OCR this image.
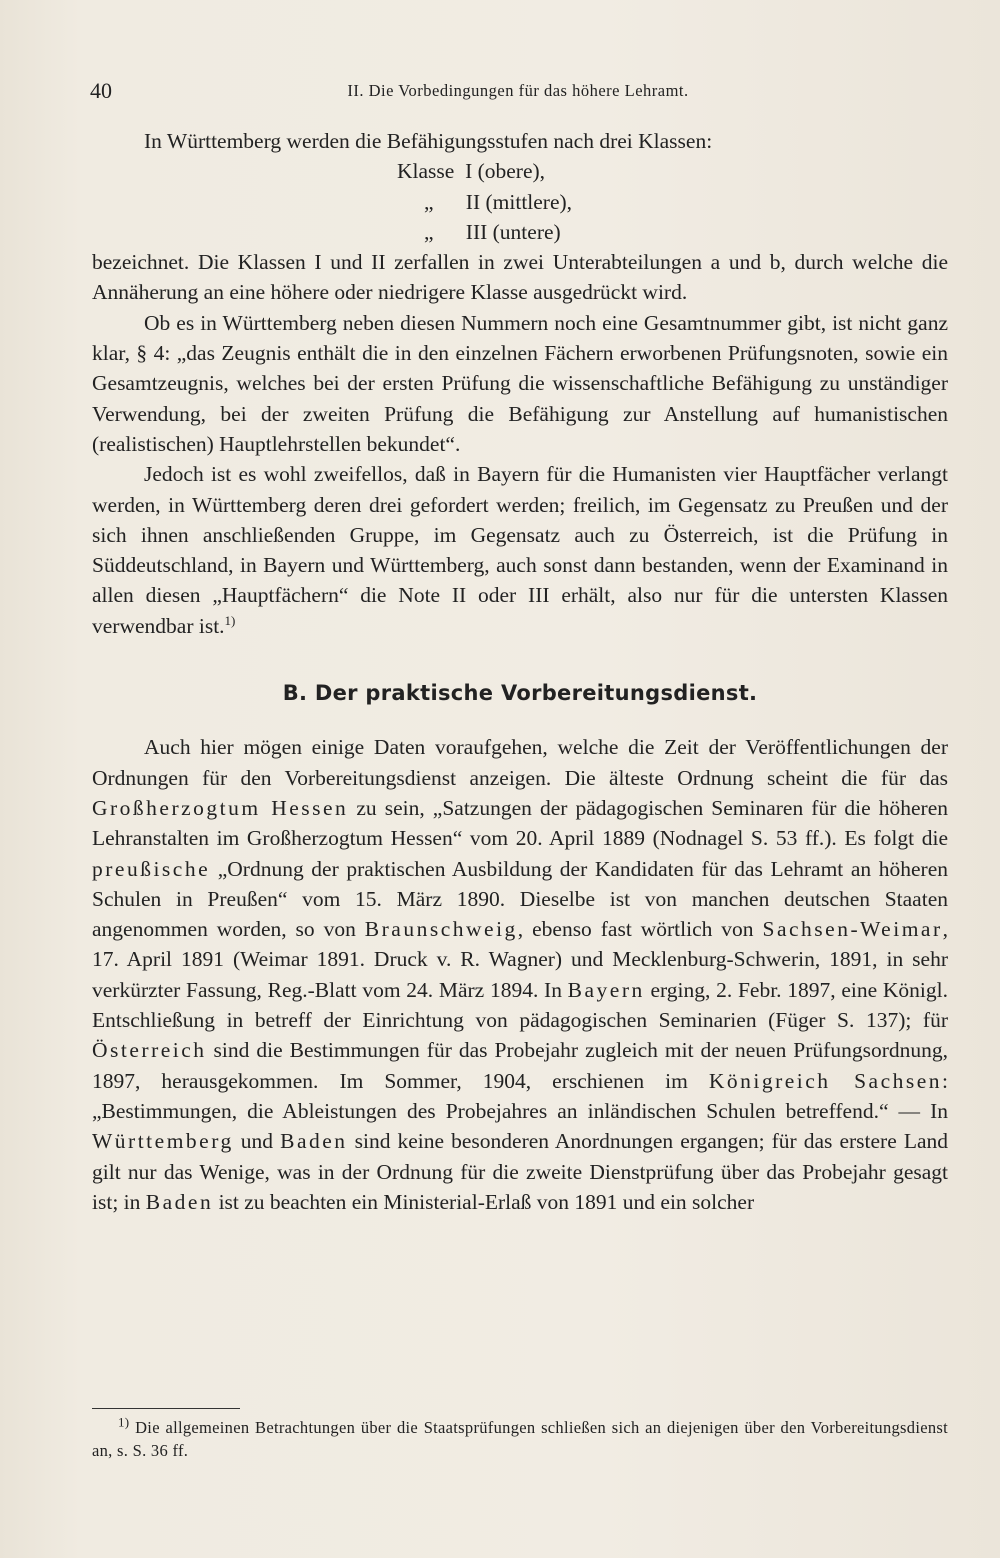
40	II. Die Vorbedingungen für das höhere Lehramt.

In Württemberg werden die Befähigungsstufen nach drei Klassen:

Klasse  I (obere),
„      II (mittlere),
„      III (untere)

bezeichnet. Die Klassen I und II zerfallen in zwei Unterabteilungen a und b, durch welche die Annäherung an eine höhere oder niedrigere Klasse ausgedrückt wird.

Ob es in Württemberg neben diesen Nummern noch eine Gesamtnummer gibt, ist nicht ganz klar, § 4: „das Zeugnis enthält die in den einzelnen Fächern erworbenen Prüfungsnoten, sowie ein Gesamtzeugnis, welches bei der ersten Prüfung die wissenschaftliche Befähigung zu unständiger Verwendung, bei der zweiten Prüfung die Befähigung zur Anstellung auf humanistischen (realistischen) Hauptlehrstellen bekundet“.

Jedoch ist es wohl zweifellos, daß in Bayern für die Humanisten vier Hauptfächer verlangt werden, in Württemberg deren drei gefordert werden; freilich, im Gegensatz zu Preußen und der sich ihnen anschließenden Gruppe, im Gegensatz auch zu Österreich, ist die Prüfung in Süddeutschland, in Bayern und Württemberg, auch sonst dann bestanden, wenn der Examinand in allen diesen „Hauptfächern“ die Note II oder III erhält, also nur für die untersten Klassen verwendbar ist.$^{1)}$

B. Der praktische Vorbereitungsdienst.

Auch hier mögen einige Daten voraufgehen, welche die Zeit der Veröffentlichungen der Ordnungen für den Vorbereitungsdienst anzeigen. Die älteste Ordnung scheint die für das Großherzogtum Hessen zu sein, „Satzungen der pädagogischen Seminaren für die höheren Lehranstalten im Großherzogtum Hessen“ vom 20. April 1889 (Nodnagel S. 53 ff.). Es folgt die preußische „Ordnung der praktischen Ausbildung der Kandidaten für das Lehramt an höheren Schulen in Preußen“ vom 15. März 1890. Dieselbe ist von manchen deutschen Staaten angenommen worden, so von Braunschweig, ebenso fast wörtlich von Sachsen-Weimar, 17. April 1891 (Weimar 1891. Druck v. R. Wagner) und Mecklenburg-Schwerin, 1891, in sehr verkürzter Fassung, Reg.-Blatt vom 24. März 1894. In Bayern erging, 2. Febr. 1897, eine Königl. Entschließung in betreff der Einrichtung von pädagogischen Seminarien (Füger S. 137); für Österreich sind die Bestimmungen für das Probejahr zugleich mit der neuen Prüfungsordnung, 1897, herausgekommen. Im Sommer, 1904, erschienen im Königreich Sachsen: „Bestimmungen, die Ableistungen des Probejahres an inländischen Schulen betreffend.“ — In Württemberg und Baden sind keine besonderen Anordnungen ergangen; für das erstere Land gilt nur das Wenige, was in der Ordnung für die zweite Dienstprüfung über das Probejahr gesagt ist; in Baden ist zu beachten ein Ministerial-Erlaß von 1891 und ein solcher

$^{1)}$ Die allgemeinen Betrachtungen über die Staatsprüfungen schließen sich an diejenigen über den Vorbereitungsdienst an, s. S. 36 ff.
